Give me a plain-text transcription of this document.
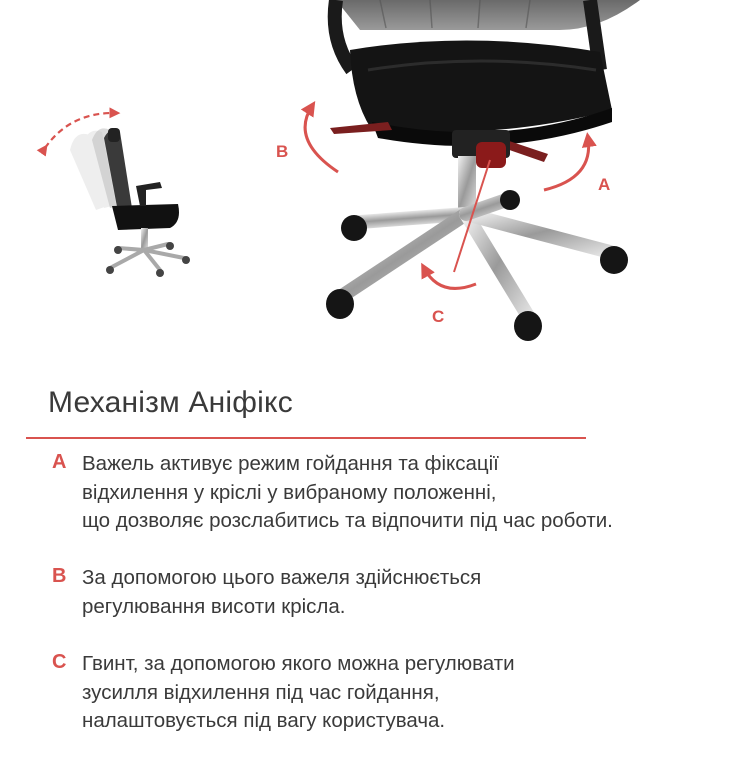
B
A
C
Механізм Аніфікс
A Важель активує режим гойдання та фіксації
відхилення у кріслі у вибраному положенні,
що дозволяє розслабитись та відпочити під час роботи.
B За допомогою цього важеля здійснюється
регулювання висоти крісла.
C Гвинт, за допомогою якого можна регулювати
зусилля відхилення під час гойдання,
налаштовується під вагу користувача.
